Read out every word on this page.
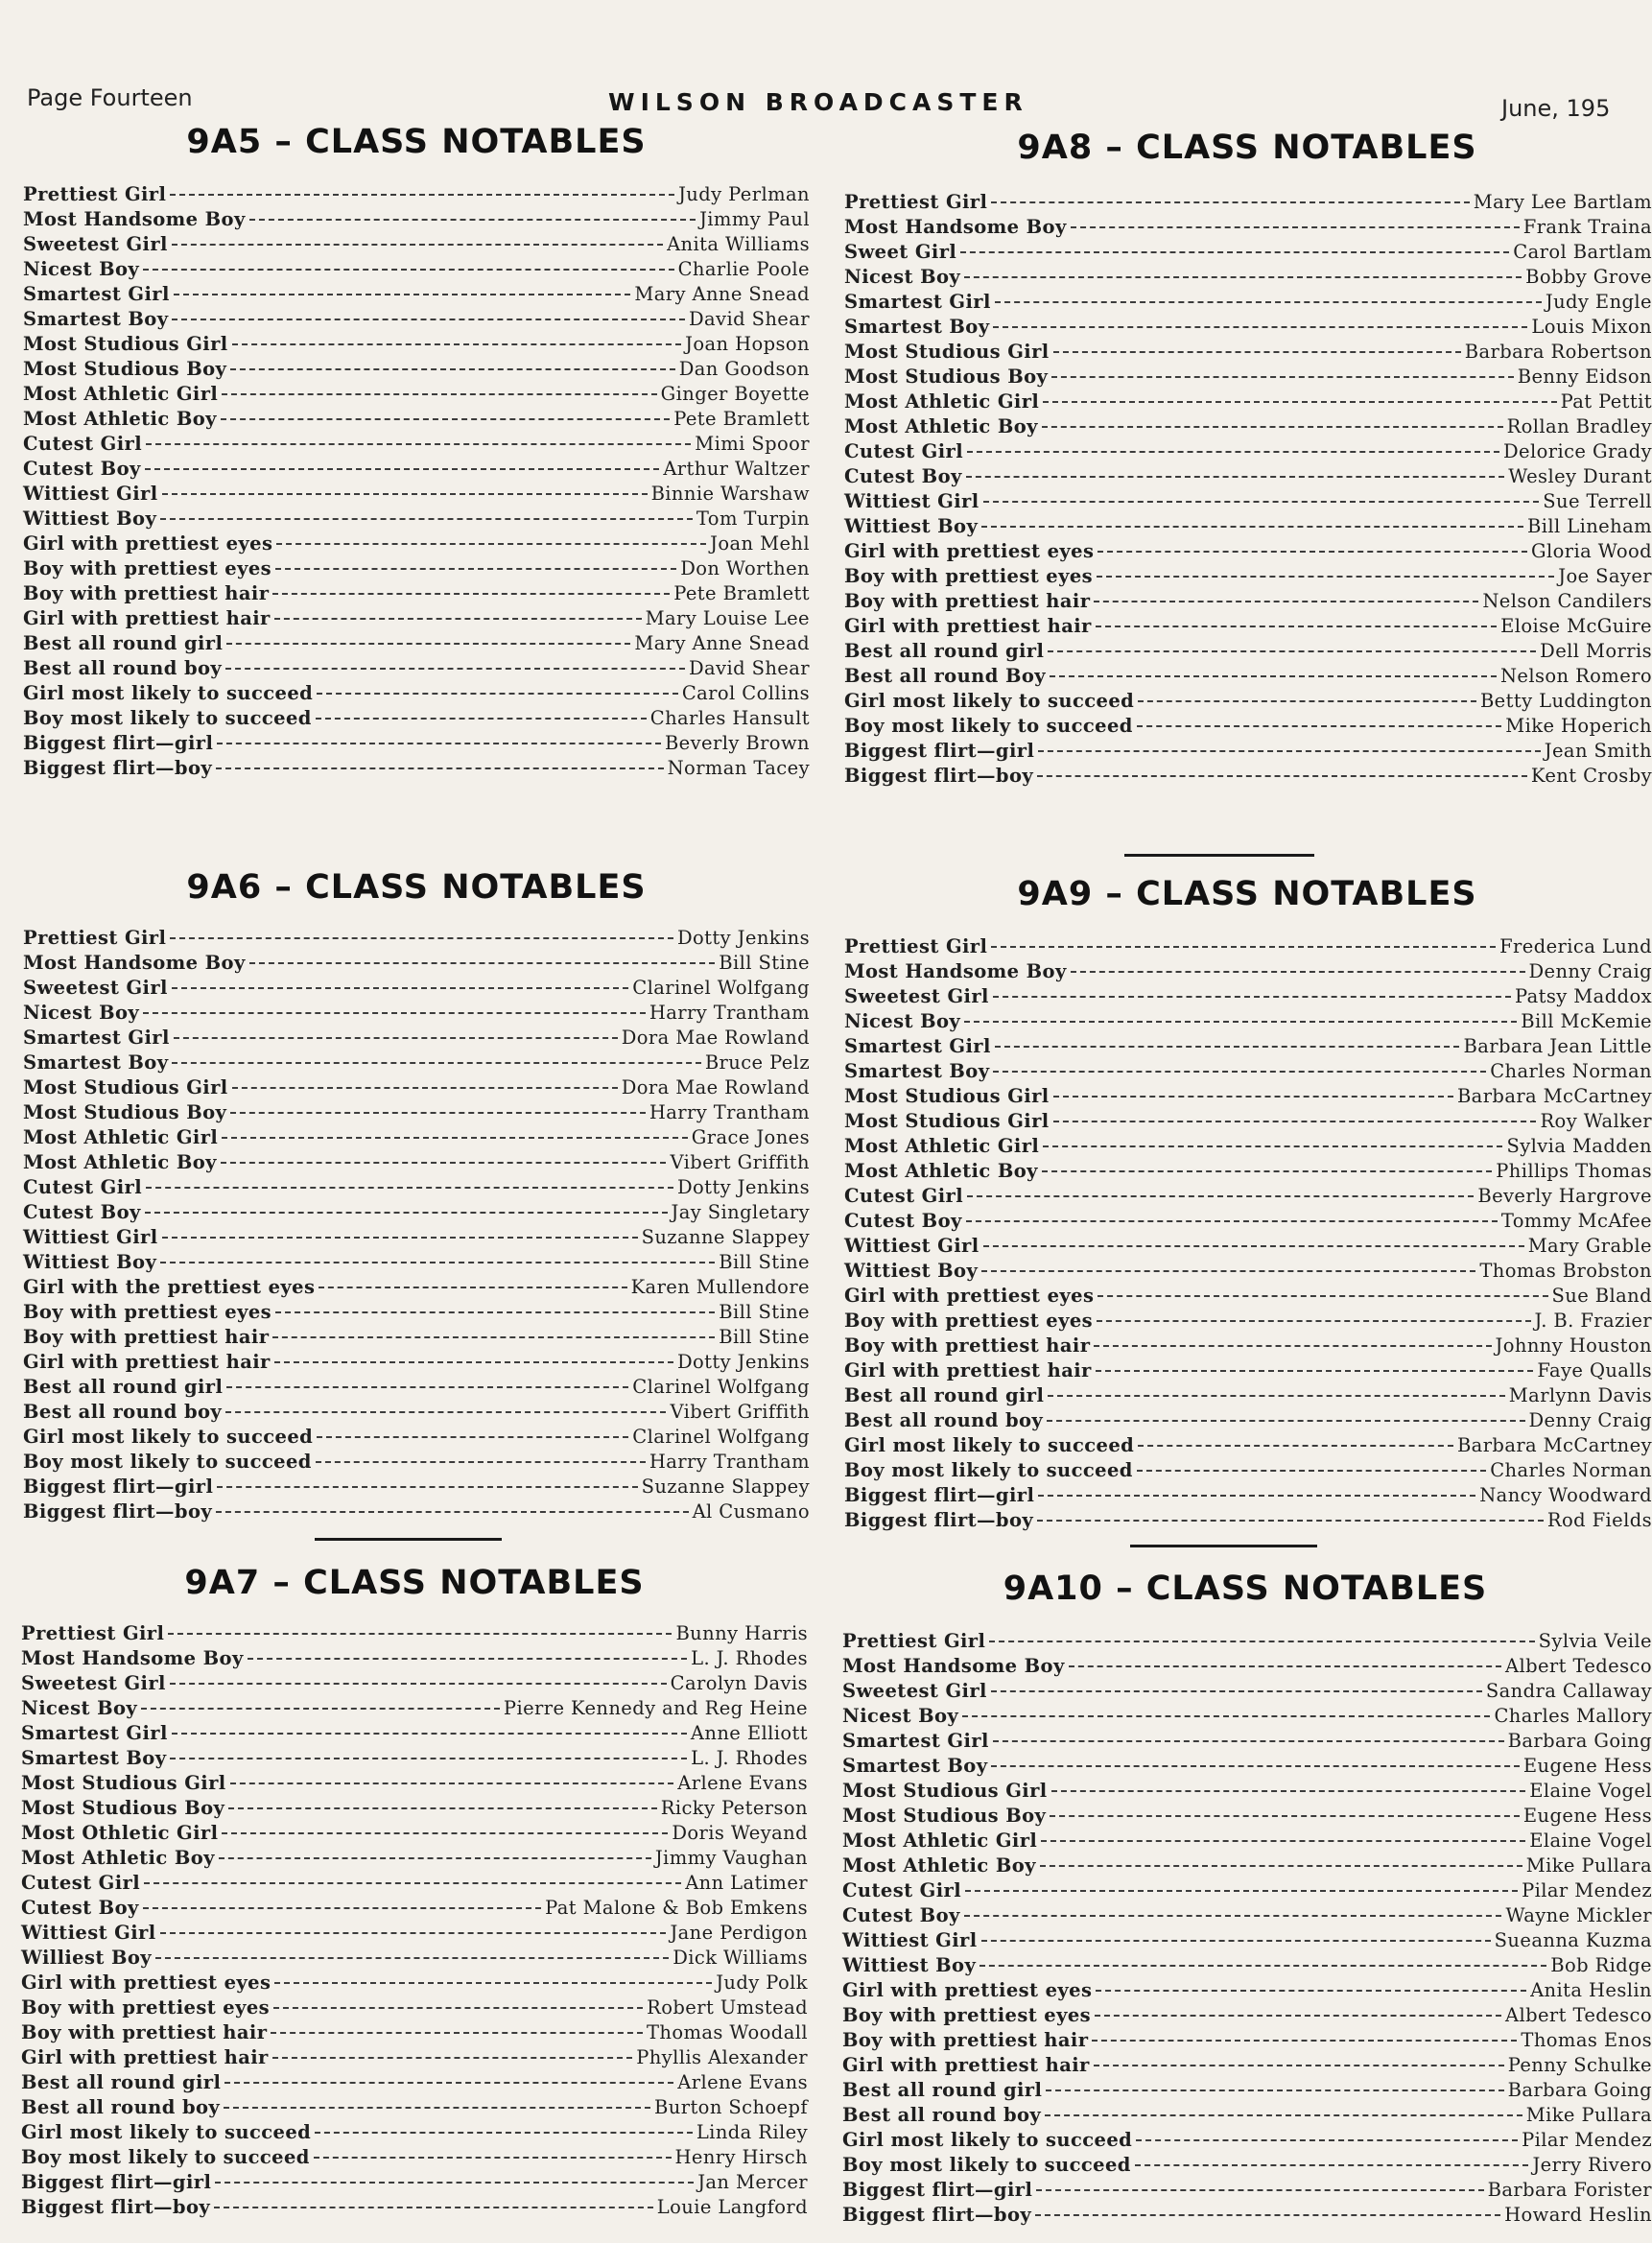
Page Fourteen	WILSON BROADCASTER	June, 195
9A5 – CLASS NOTABLES
Prettiest Girl	Judy Perlman
Most Handsome Boy	Jimmy Paul
Sweetest Girl	Anita Williams
Nicest Boy	Charlie Poole
Smartest Girl	Mary Anne Snead
Smartest Boy	David Shear
Most Studious Girl	Joan Hopson
Most Studious Boy	Dan Goodson
Most Athletic Girl	Ginger Boyette
Most Athletic Boy	Pete Bramlett
Cutest Girl	Mimi Spoor
Cutest Boy	Arthur Waltzer
Wittiest Girl	Binnie Warshaw
Wittiest Boy	Tom Turpin
Girl with prettiest eyes	Joan Mehl
Boy with prettiest eyes	Don Worthen
Boy with prettiest hair	Pete Bramlett
Girl with prettiest hair	Mary Louise Lee
Best all round girl	Mary Anne Snead
Best all round boy	David Shear
Girl most likely to succeed	Carol Collins
Boy most likely to succeed	Charles Hansult
Biggest flirt—girl	Beverly Brown
Biggest flirt—boy	Norman Tacey
9A8 – CLASS NOTABLES
Prettiest Girl	Mary Lee Bartlam
Most Handsome Boy	Frank Traina
Sweet Girl	Carol Bartlam
Nicest Boy	Bobby Grove
Smartest Girl	Judy Engle
Smartest Boy	Louis Mixon
Most Studious Girl	Barbara Robertson
Most Studious Boy	Benny Eidson
Most Athletic Girl	Pat Pettit
Most Athletic Boy	Rollan Bradley
Cutest Girl	Delorice Grady
Cutest Boy	Wesley Durant
Wittiest Girl	Sue Terrell
Wittiest Boy	Bill Lineham
Girl with prettiest eyes	Gloria Wood
Boy with prettiest eyes	Joe Sayer
Boy with prettiest hair	Nelson Candilers
Girl with prettiest hair	Eloise McGuire
Best all round girl	Dell Morris
Best all round Boy	Nelson Romero
Girl most likely to succeed	Betty Luddington
Boy most likely to succeed	Mike Hoperich
Biggest flirt—girl	Jean Smith
Biggest flirt—boy	Kent Crosby
9A6 – CLASS NOTABLES
Prettiest Girl	Dotty Jenkins
Most Handsome Boy	Bill Stine
Sweetest Girl	Clarinel Wolfgang
Nicest Boy	Harry Trantham
Smartest Girl	Dora Mae Rowland
Smartest Boy	Bruce Pelz
Most Studious Girl	Dora Mae Rowland
Most Studious Boy	Harry Trantham
Most Athletic Girl	Grace Jones
Most Athletic Boy	Vibert Griffith
Cutest Girl	Dotty Jenkins
Cutest Boy	Jay Singletary
Wittiest Girl	Suzanne Slappey
Wittiest Boy	Bill Stine
Girl with the prettiest eyes	Karen Mullendore
Boy with prettiest eyes	Bill Stine
Boy with prettiest hair	Bill Stine
Girl with prettiest hair	Dotty Jenkins
Best all round girl	Clarinel Wolfgang
Best all round boy	Vibert Griffith
Girl most likely to succeed	Clarinel Wolfgang
Boy most likely to succeed	Harry Trantham
Biggest flirt—girl	Suzanne Slappey
Biggest flirt—boy	Al Cusmano
9A9 – CLASS NOTABLES
Prettiest Girl	Frederica Lund
Most Handsome Boy	Denny Craig
Sweetest Girl	Patsy Maddox
Nicest Boy	Bill McKemie
Smartest Girl	Barbara Jean Little
Smartest Boy	Charles Norman
Most Studious Girl	Barbara McCartney
Most Studious Girl	Roy Walker
Most Athletic Girl	Sylvia Madden
Most Athletic Boy	Phillips Thomas
Cutest Girl	Beverly Hargrove
Cutest Boy	Tommy McAfee
Wittiest Girl	Mary Grable
Wittiest Boy	Thomas Brobston
Girl with prettiest eyes	Sue Bland
Boy with prettiest eyes	J. B. Frazier
Boy with prettiest hair	Johnny Houston
Girl with prettiest hair	Faye Qualls
Best all round girl	Marlynn Davis
Best all round boy	Denny Craig
Girl most likely to succeed	Barbara McCartney
Boy most likely to succeed	Charles Norman
Biggest flirt—girl	Nancy Woodward
Biggest flirt—boy	Rod Fields
9A7 – CLASS NOTABLES
Prettiest Girl	Bunny Harris
Most Handsome Boy	L. J. Rhodes
Sweetest Girl	Carolyn Davis
Nicest Boy	Pierre Kennedy and Reg Heine
Smartest Girl	Anne Elliott
Smartest Boy	L. J. Rhodes
Most Studious Girl	Arlene Evans
Most Studious Boy	Ricky Peterson
Most Othletic Girl	Doris Weyand
Most Athletic Boy	Jimmy Vaughan
Cutest Girl	Ann Latimer
Cutest Boy	Pat Malone & Bob Emkens
Wittiest Girl	Jane Perdigon
Williest Boy	Dick Williams
Girl with prettiest eyes	Judy Polk
Boy with prettiest eyes	Robert Umstead
Boy with prettiest hair	Thomas Woodall
Girl with prettiest hair	Phyllis Alexander
Best all round girl	Arlene Evans
Best all round boy	Burton Schoepf
Girl most likely to succeed	Linda Riley
Boy most likely to succeed	Henry Hirsch
Biggest flirt—girl	Jan Mercer
Biggest flirt—boy	Louie Langford
9A10 – CLASS NOTABLES
Prettiest Girl	Sylvia Veile
Most Handsome Boy	Albert Tedesco
Sweetest Girl	Sandra Callaway
Nicest Boy	Charles Mallory
Smartest Girl	Barbara Going
Smartest Boy	Eugene Hess
Most Studious Girl	Elaine Vogel
Most Studious Boy	Eugene Hess
Most Athletic Girl	Elaine Vogel
Most Athletic Boy	Mike Pullara
Cutest Girl	Pilar Mendez
Cutest Boy	Wayne Mickler
Wittiest Girl	Sueanna Kuzma
Wittiest Boy	Bob Ridge
Girl with prettiest eyes	Anita Heslin
Boy with prettiest eyes	Albert Tedesco
Boy with prettiest hair	Thomas Enos
Girl with prettiest hair	Penny Schulke
Best all round girl	Barbara Going
Best all round boy	Mike Pullara
Girl most likely to succeed	Pilar Mendez
Boy most likely to succeed	Jerry Rivero
Biggest flirt—girl	Barbara Forister
Biggest flirt—boy	Howard Heslin
